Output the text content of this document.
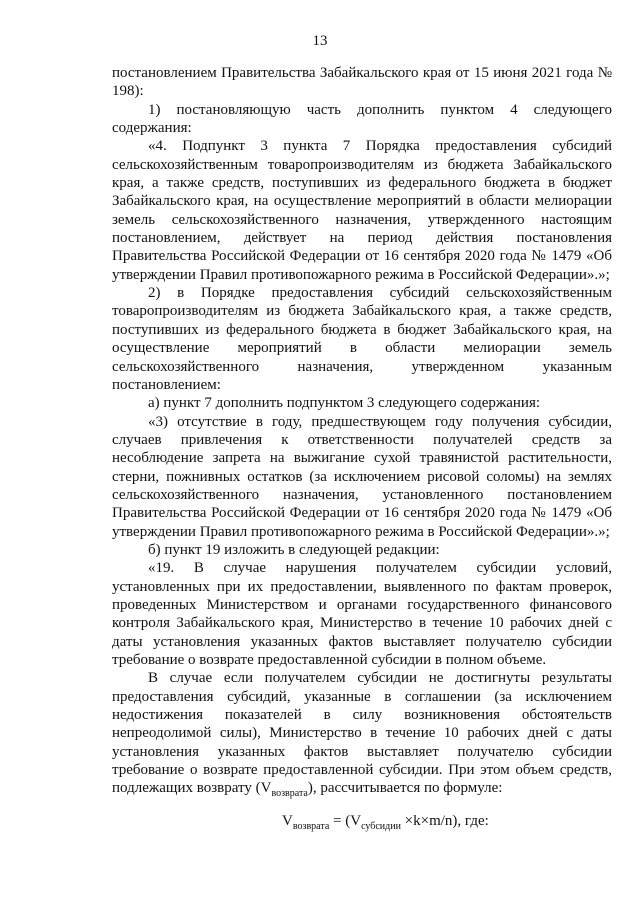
13

постановлением Правительства Забайкальского края от 15 июня 2021 года № 198):

1) постановляющую часть дополнить пунктом 4 следующего содержания:

«4. Подпункт 3 пункта 7 Порядка предоставления субсидий сельскохозяйственным товаропроизводителям из бюджета Забайкальского края, а также средств, поступивших из федерального бюджета в бюджет Забайкальского края, на осуществление мероприятий в области мелиорации земель сельскохозяйственного назначения, утвержденного настоящим постановлением, действует на период действия постановления Правительства Российской Федерации от 16 сентября 2020 года № 1479 «Об утверждении Правил противопожарного режима в Российской Федерации».»;

2) в Порядке предоставления субсидий сельскохозяйственным товаропроизводителям из бюджета Забайкальского края, а также средств, поступивших из федерального бюджета в бюджет Забайкальского края, на осуществление мероприятий в области мелиорации земель сельскохозяйственного назначения, утвержденном указанным постановлением:

а) пункт 7 дополнить подпунктом 3 следующего содержания:

«3) отсутствие в году, предшествующем году получения субсидии, случаев привлечения к ответственности получателей средств за несоблюдение запрета на выжигание сухой травянистой растительности, стерни, пожнивных остатков (за исключением рисовой соломы) на землях сельскохозяйственного назначения, установленного постановлением Правительства Российской Федерации от 16 сентября 2020 года № 1479 «Об утверждении Правил противопожарного режима в Российской Федерации».»;

б) пункт 19 изложить в следующей редакции:

«19. В случае нарушения получателем субсидии условий, установленных при их предоставлении, выявленного по фактам проверок, проведенных Министерством и органами государственного финансового контроля Забайкальского края, Министерство в течение 10 рабочих дней с даты установления указанных фактов выставляет получателю субсидии требование о возврате предоставленной субсидии в полном объеме.

В случае если получателем субсидии не достигнуты результаты предоставления субсидий, указанные в соглашении (за исключением недостижения показателей в силу возникновения обстоятельств непреодолимой силы), Министерство в течение 10 рабочих дней с даты установления указанных фактов выставляет получателю субсидии требование о возврате предоставленной субсидии. При этом объем средств, подлежащих возврату $(V_{возврата})$, рассчитывается по формуле:

$V_{возврата} = (V_{субсидии} \times k\times m/n)$, где:
